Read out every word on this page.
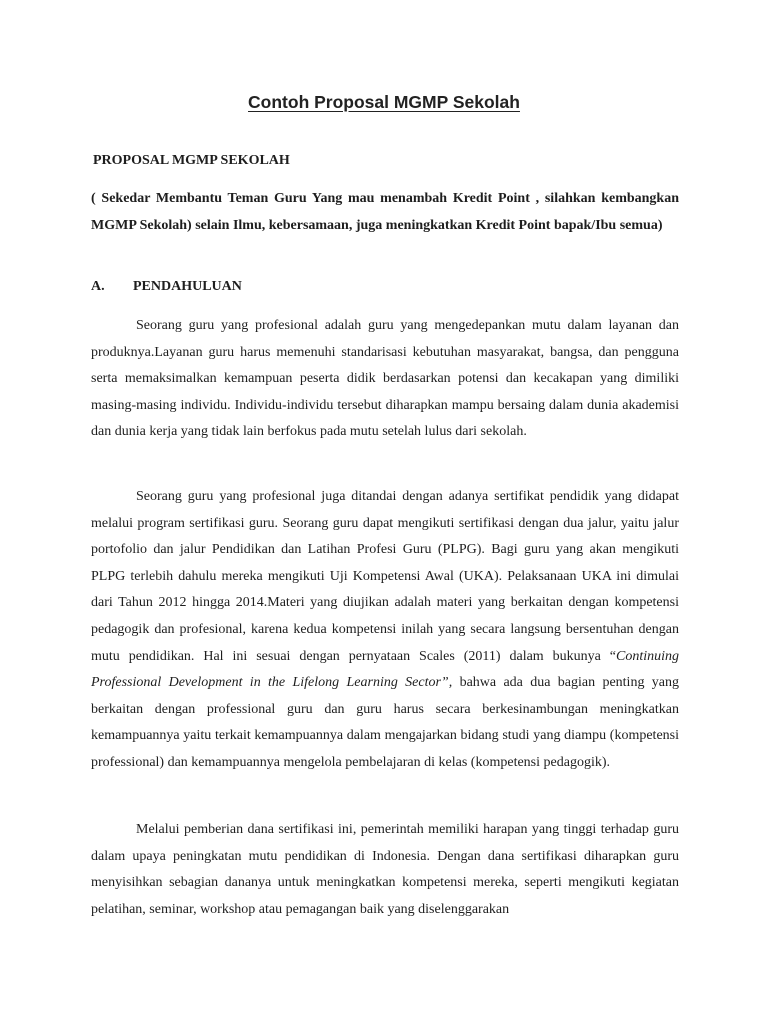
Contoh Proposal MGMP Sekolah

PROPOSAL MGMP SEKOLAH

( Sekedar Membantu Teman Guru Yang mau menambah Kredit Point , silahkan kembangkan MGMP Sekolah) selain Ilmu, kebersamaan, juga meningkatkan Kredit Point bapak/Ibu semua)

A.	PENDAHULUAN

Seorang guru yang profesional adalah guru yang mengedepankan mutu dalam layanan dan produknya.Layanan guru harus memenuhi standarisasi kebutuhan masyarakat, bangsa, dan pengguna serta memaksimalkan kemampuan peserta didik berdasarkan potensi dan kecakapan yang dimiliki masing-masing individu. Individu-individu tersebut diharapkan mampu bersaing dalam dunia akademisi dan dunia kerja yang tidak lain berfokus pada mutu setelah lulus dari sekolah.

Seorang guru yang profesional juga ditandai dengan adanya sertifikat pendidik yang didapat melalui program sertifikasi guru. Seorang guru dapat mengikuti sertifikasi dengan dua jalur, yaitu jalur portofolio dan jalur Pendidikan dan Latihan Profesi Guru (PLPG). Bagi guru yang akan mengikuti PLPG terlebih dahulu mereka mengikuti Uji Kompetensi Awal (UKA). Pelaksanaan UKA ini dimulai dari Tahun 2012 hingga 2014.Materi yang diujikan adalah materi yang berkaitan dengan kompetensi pedagogik dan profesional, karena kedua kompetensi inilah yang secara langsung bersentuhan dengan mutu pendidikan. Hal ini sesuai dengan pernyataan Scales (2011) dalam bukunya “Continuing Professional Development in the Lifelong Learning Sector”, bahwa ada dua bagian penting yang berkaitan dengan professional guru dan guru harus secara berkesinambungan meningkatkan kemampuannya yaitu terkait kemampuannya dalam mengajarkan bidang studi yang diampu (kompetensi professional) dan kemampuannya mengelola pembelajaran di kelas (kompetensi pedagogik).

Melalui pemberian dana sertifikasi ini, pemerintah memiliki harapan yang tinggi terhadap guru dalam upaya peningkatan mutu pendidikan di Indonesia. Dengan dana sertifikasi diharapkan guru menyisihkan sebagian dananya untuk meningkatkan kompetensi mereka, seperti mengikuti kegiatan pelatihan, seminar, workshop atau pemagangan baik yang diselenggarakan
